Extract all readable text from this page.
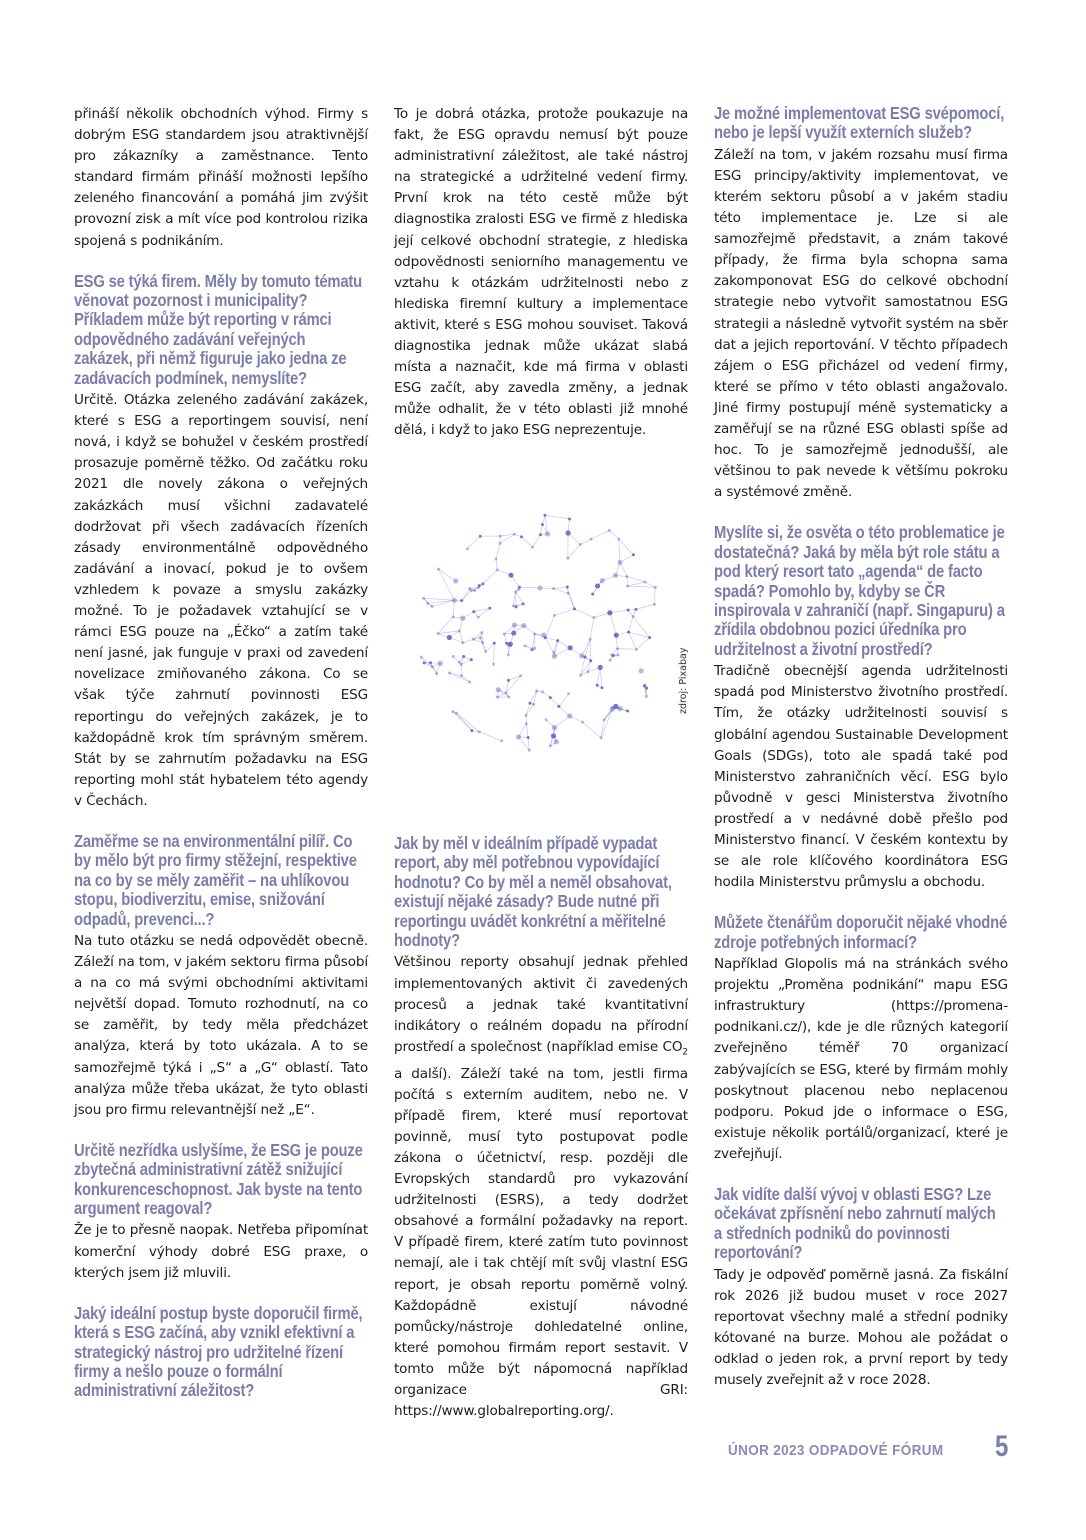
přináší několik obchodních výhod. Firmy s dobrým ESG standardem jsou atraktivnější pro zákazníky a zaměstnance. Tento standard firmám přináší možnosti lepšího zeleného financování a pomáhá jim zvýšit provozní zisk a mít více pod kontrolou rizika spojená s podnikáním.

ESG se týká firem. Měly by tomuto tématu věnovat pozornost i municipality? Příkladem může být reporting v rámci odpovědného zadávání veřejných zakázek, při němž figuruje jako jedna ze zadávacích podmínek, nemyslíte?

Určitě. Otázka zeleného zadávání zakázek, které s ESG a reportingem souvisí, není nová, i když se bohužel v českém prostředí prosazuje poměrně těžko. Od začátku roku 2021 dle novely zákona o veřejných zakázkách musí všichni zadavatelé dodržovat při všech zadávacích řízeních zásady environmentálně odpovědného zadávání a inovací, pokud je to ovšem vzhledem k povaze a smyslu zakázky možné. To je požadavek vztahující se v rámci ESG pouze na „Éčko“ a zatím také není jasné, jak funguje v praxi od zavedení novelizace zmiňovaného zákona. Co se však týče zahrnutí povinnosti ESG reportingu do veřejných zakázek, je to každopádně krok tím správným směrem. Stát by se zahrnutím požadavku na ESG reporting mohl stát hybatelem této agendy v Čechách.

Zaměřme se na environmentální pilíř. Co by mělo být pro firmy stěžejní, respektive na co by se měly zaměřit – na uhlíkovou stopu, biodiverzitu, emise, snižování odpadů, prevenci...?

Na tuto otázku se nedá odpovědět obecně. Záleží na tom, v jakém sektoru firma působí a na co má svými obchodními aktivitami největší dopad. Tomuto rozhodnutí, na co se zaměřit, by tedy měla předcházet analýza, která by toto ukázala. A to se samozřejmě týká i „S“ a „G“ oblastí. Tato analýza může třeba ukázat, že tyto oblasti jsou pro firmu relevantnější než „E“.

Určitě nezřídka uslyšíme, že ESG je pouze zbytečná administrativní zátěž snižující konkurenceschopnost. Jak byste na tento argument reagoval?

Že je to přesně naopak. Netřeba připomínat komerční výhody dobré ESG praxe, o kterých jsem již mluvili.

Jaký ideální postup byste doporučil firmě, která s ESG začíná, aby vznikl efektivní a strategický nástroj pro udržitelné řízení firmy a nešlo pouze o formální administrativní záležitost?

To je dobrá otázka, protože poukazuje na fakt, že ESG opravdu nemusí být pouze administrativní záležitost, ale také nástroj na strategické a udržitelné vedení firmy. První krok na této cestě může být diagnostika zralosti ESG ve firmě z hlediska její celkové obchodní strategie, z hlediska odpovědnosti seniorního managementu ve vztahu k otázkám udržitelnosti nebo z hlediska firemní kultury a implementace aktivit, které s ESG mohou souviset. Taková diagnostika jednak může ukázat slabá místa a naznačit, kde má firma v oblasti ESG začít, aby zavedla změny, a jednak může odhalit, že v této oblasti již mnohé dělá, i když to jako ESG neprezentuje.

zdroj: Pixabay

Jak by měl v ideálním případě vypadat report, aby měl potřebnou vypovídající hodnotu? Co by měl a neměl obsahovat, existují nějaké zásady? Bude nutné při reportingu uvádět konkrétní a měřitelné hodnoty?

Většinou reporty obsahují jednak přehled implementovaných aktivit či zavedených procesů a jednak také kvantitativní indikátory o reálném dopadu na přírodní prostředí a společnost (například emise $CO_2$ a další). Záleží také na tom, jestli firma počítá s externím auditem, nebo ne. V případě firem, které musí reportovat povinně, musí tyto postupovat podle zákona o účetnictví, resp. později dle Evropských standardů pro vykazování udržitelnosti (ESRS), a tedy dodržet obsahové a formální požadavky na report. V případě firem, které zatím tuto povinnost nemají, ale i tak chtějí mít svůj vlastní ESG report, je obsah reportu poměrně volný. Každopádně existují návodné pomůcky/nástroje dohledatelné online, které pomohou firmám report sestavit. V tomto může být nápomocná například organizace GRI: https://www.globalreporting.org/.

Je možné implementovat ESG svépomocí, nebo je lepší využít externích služeb?

Záleží na tom, v jakém rozsahu musí firma ESG principy/aktivity implementovat, ve kterém sektoru působí a v jakém stadiu této implementace je. Lze si ale samozřejmě představit, a znám takové případy, že firma byla schopna sama zakomponovat ESG do celkové obchodní strategie nebo vytvořit samostatnou ESG strategii a následně vytvořit systém na sběr dat a jejich reportování. V těchto případech zájem o ESG přicházel od vedení firmy, které se přímo v této oblasti angažovalo. Jiné firmy postupují méně systematicky a zaměřují se na různé ESG oblasti spíše ad hoc. To je samozřejmě jednodušší, ale většinou to pak nevede k většímu pokroku a systémové změně.

Myslíte si, že osvěta o této problematice je dostatečná? Jaká by měla být role státu a pod který resort tato „agenda“ de facto spadá? Pomohlo by, kdyby se ČR inspirovala v zahraničí (např. Singapuru) a zřídila obdobnou pozici úředníka pro udržitelnost a životní prostředí?

Tradičně obecnější agenda udržitelnosti spadá pod Ministerstvo životního prostředí. Tím, že otázky udržitelnosti souvisí s globální agendou Sustainable Development Goals (SDGs), toto ale spadá také pod Ministerstvo zahraničních věcí. ESG bylo původně v gesci Ministerstva životního prostředí a v nedávné době přešlo pod Ministerstvo financí. V českém kontextu by se ale role klíčového koordinátora ESG hodila Ministerstvu průmyslu a obchodu.

Můžete čtenářům doporučit nějaké vhodné zdroje potřebných informací?

Například Glopolis má na stránkách svého projektu „Proměna podnikání“ mapu ESG infrastruktury (https://promena-podnikani.cz/), kde je dle různých kategorií zveřejněno téměř 70 organizací zabývajících se ESG, které by firmám mohly poskytnout placenou nebo neplacenou podporu. Pokud jde o informace o ESG, existuje několik portálů/organizací, které je zveřejňují.

Jak vidíte další vývoj v oblasti ESG? Lze očekávat zpřísnění nebo zahrnutí malých a středních podniků do povinnosti reportování?

Tady je odpověď poměrně jasná. Za fiskální rok 2026 již budou muset v roce 2027 reportovat všechny malé a střední podniky kótované na burze. Mohou ale požádat o odklad o jeden rok, a první report by tedy musely zveřejnit až v roce 2028.

ÚNOR 2023 ODPADOVÉ FÓRUM 5
